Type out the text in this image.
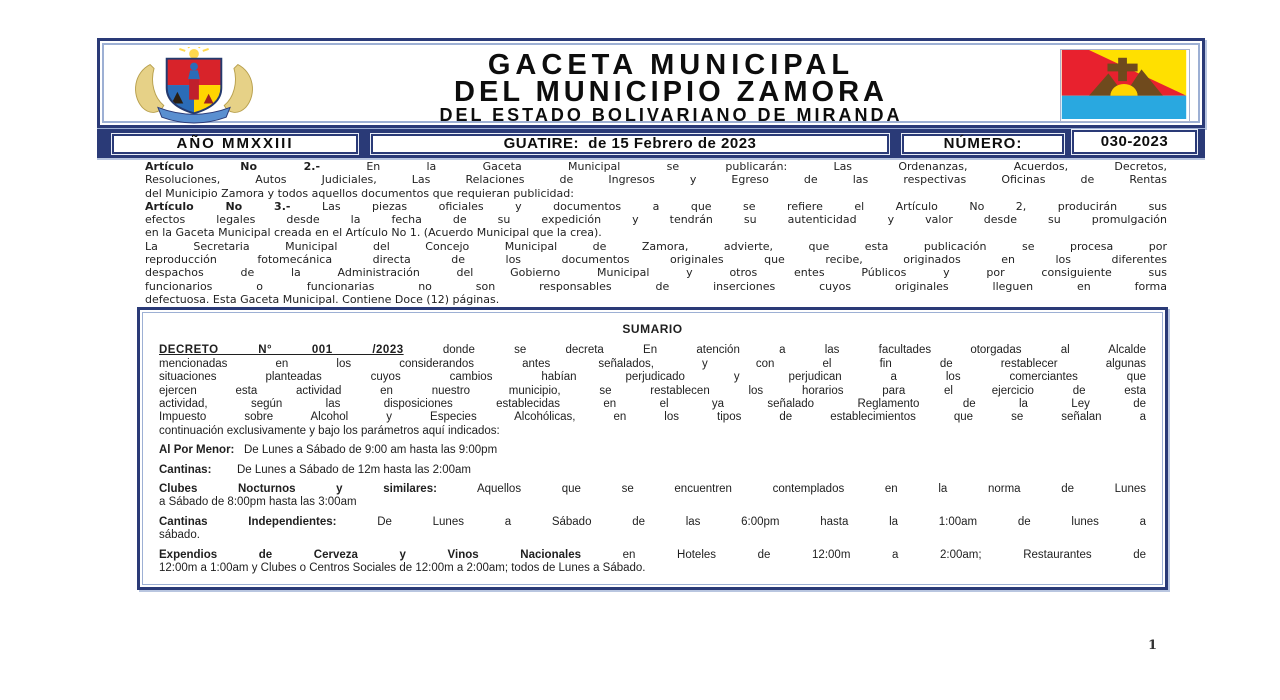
GACETA MUNICIPAL
DEL MUNICIPIO ZAMORA
DEL ESTADO BOLIVARIANO DE MIRANDA
AÑO MMXXIII	GUATIRE:  de 15 Febrero de 2023	NÚMERO:	030-2023
Artículo No 2.-	En la Gaceta Municipal se publicarán: Las Ordenanzas, Acuerdos, Decretos,
Resoluciones, Autos Judiciales, Las Relaciones de Ingresos y Egreso de las respectivas Oficinas de Rentas
del Municipio Zamora y todos aquellos documentos que requieran publicidad:
Artículo No 3.-	Las piezas oficiales y documentos a que se refiere el Artículo No 2, producirán sus
efectos legales desde la fecha de su expedición y tendrán su autenticidad y valor desde su promulgación
en la Gaceta Municipal creada en el Artículo No 1. (Acuerdo Municipal que la crea).
La Secretaria Municipal del Concejo Municipal de Zamora, advierte, que esta publicación se procesa por
reproducción fotomecánica directa de los documentos originales que recibe, originados en los diferentes
despachos de la Administración del Gobierno Municipal y otros entes Públicos y por consiguiente sus
funcionarios o funcionarias no son responsables de inserciones cuyos originales lleguen en forma
defectuosa. Esta Gaceta Municipal. Contiene Doce (12) páginas.
SUMARIO
DECRETO N° 001 /2023	donde se decreta En atención a las facultades otorgadas al Alcalde
mencionadas en los considerandos antes señalados, y con el fin de restablecer algunas
situaciones planteadas cuyos cambios habían perjudicado y perjudican a los comerciantes que
ejercen esta actividad en nuestro municipio, se restablecen los horarios para el ejercicio de esta
actividad, según las disposiciones establecidas en el ya señalado Reglamento de la Ley de
Impuesto sobre Alcohol y Especies Alcohólicas, en los tipos de establecimientos que se señalan a
continuación exclusivamente y bajo los parámetros aquí indicados:
Al Por Menor:   De Lunes a Sábado de 9:00 am hasta las 9:00pm
Cantinas:        De Lunes a Sábado de 12m hasta las 2:00am
Clubes Nocturnos y similares: Aquellos que se encuentren contemplados en la norma de Lunes
a Sábado de 8:00pm hasta las 3:00am
Cantinas Independientes: De Lunes a Sábado de las 6:00pm hasta la 1:00am de lunes a
sábado.
Expendios de Cerveza y Vinos Nacionales en Hoteles de 12:00m a 2:00am; Restaurantes de
12:00m a 1:00am y Clubes o Centros Sociales de 12:00m a 2:00am; todos de Lunes a Sábado.
1
